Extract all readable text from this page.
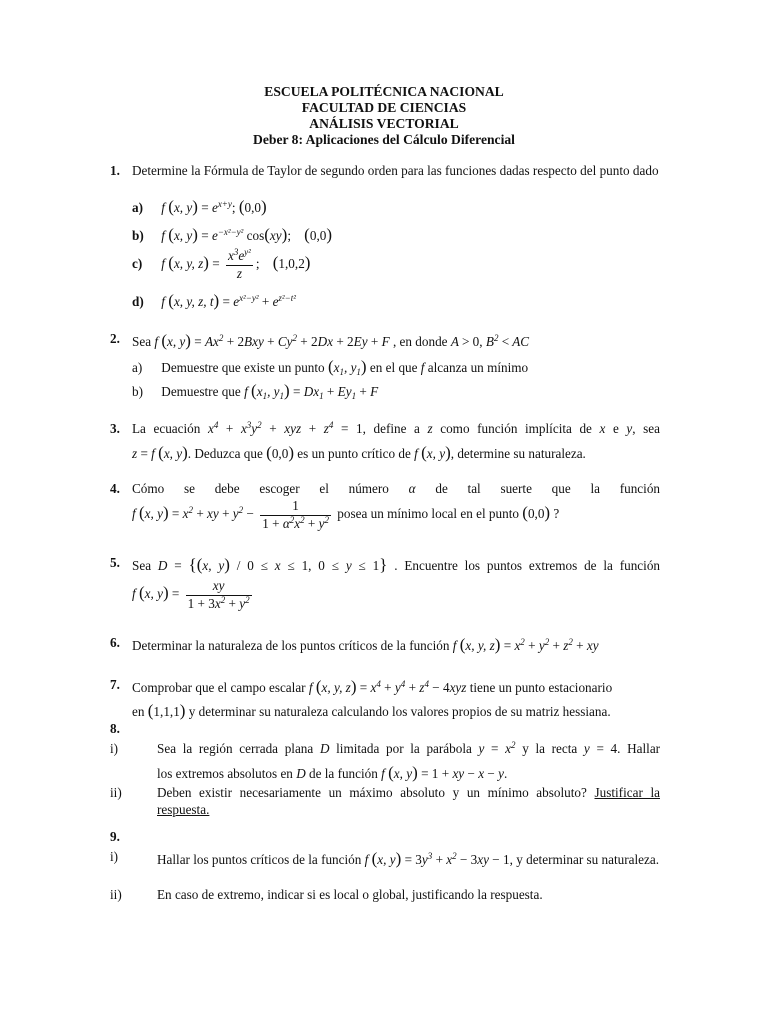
ESCUELA POLITÉCNICA NACIONAL
FACULTAD DE CIENCIAS
ANÁLISIS VECTORIAL
Deber 8: Aplicaciones del Cálculo Diferencial
1. Determine la Fórmula de Taylor de segundo orden para las funciones dadas respecto del punto dado
a) f (x, $y) = e^{x+y}$; (0,0)
b) f (x, $y) = e^{-x^2-y^2}$ cos(xy);    (0,0)
c) f (x, y, $z) = \frac{x^3e^{y^2}}{z}$ ;    (1,0,2)
d) f (x, y, z, $t) = e^{x^2-y^2} + e^{z^2-t^2}$
2. Sea f (x, $y) = Ax^2 + 2Bxy + Cy^2 + 2Dx + 2Ey + F$ , en donde A > 0, $B^2$ < AC
a) Demuestre que existe un punto ($x_1$, $y_1$) en el que f alcanza un mínimo
b) Demuestre que f ($x_1$, $y_1) = Dx_1 + Ey_1 + F$
3. La ecuación $x^4 + x^3y^2$ + xyz + $z^4 = 1$, define a z como función implícita de x e y, sea
z = f (x, y). Deduzca que (0,0) es un punto crítico de f (x, y), determine su naturaleza.
4. Cómo se debe escoger el número α de tal suerte que la función
f (x, $y) = x^2$ + xy + $y^2 - \frac{1}{1 + \alpha^2x^2 + y^2}$ posea un mínimo local en el punto (0,0) ?
5. Sea D = {(x, y) / 0 ≤ x ≤ 1, 0 ≤ y ≤ 1} . Encuentre los puntos extremos de la función
f (x, $y) = \frac{xy}{1 + 3x^2 + y^2}$
6. Determinar la naturaleza de los puntos críticos de la función f (x, y, $z) = x^2 + y^2 + z^2$ + xy
7. Comprobar que el campo escalar f (x, y, $z) = x^4 + y^4 + z^4 - 4xyz$ tiene un punto estacionario
en (1,1,1) y determinar su naturaleza calculando los valores propios de su matriz hessiana.
8.
i)	Sea la región cerrada plana D limitada por la parábola $y = x^2$ y la recta y = 4. Hallar
los extremos absolutos en D de la función f (x, y) = 1 + xy − x − y.
ii)	Deben existir necesariamente un máximo absoluto y un mínimo absoluto? Justificar la respuesta.
9.
i)	Hallar los puntos críticos de la función f (x, $y) = 3y^3 + x^2 - 3xy - 1$, y determinar su naturaleza.
ii)	En caso de extremo, indicar si es local o global, justificando la respuesta.
